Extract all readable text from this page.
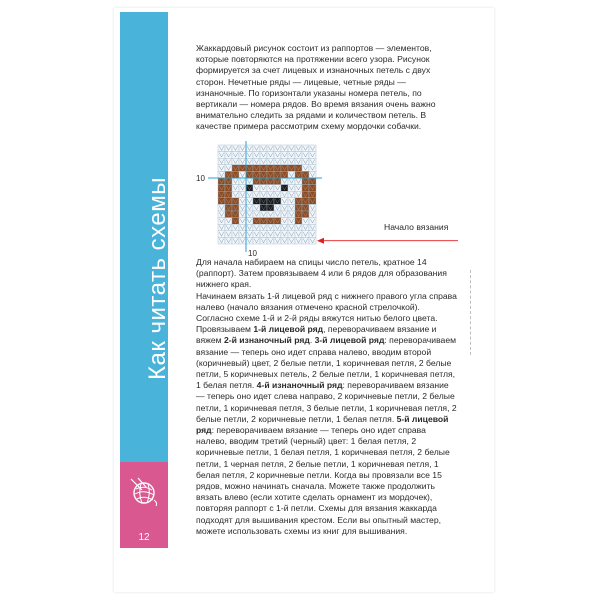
Как читать схемы
12

Жаккардовый рисунок состоит из раппортов — элементов, которые повторяются на протяжении всего узора. Рисунок формируется за счет лицевых и изнаночных петель с двух сторон. Нечетные ряды — лицевые, четные ряды — изнаночные. По горизонтали указаны номера петель, по вертикали — номера рядов. Во время вязания очень важно внимательно следить за рядами и количеством петель. В качестве примера рассмотрим схему мордочки собачки.

10
10
Начало вязания

Для начала набираем на спицы число петель, кратное 14 (раппорт). Затем провязываем 4 или 6 рядов для образования нижнего края.

Начинаем вязать 1-й лицевой ряд с нижнего правого угла справа налево (начало вязания отмечено красной стрелочкой). Согласно схеме 1-й и 2-й ряды вяжутся нитью белого цвета. Провязываем 1-й лицевой ряд, переворачиваем вязание и вяжем 2-й изнаночный ряд. 3-й лицевой ряд: переворачиваем вязание — теперь оно идет справа налево, вводим второй (коричневый) цвет, 2 белые петли, 1 коричневая петля, 2 белые петли, 5 коричневых петель, 2 белые петли, 1 коричневая петля, 1 белая петля. 4-й изнаночный ряд: переворачиваем вязание — теперь оно идет слева направо, 2 коричневые петли, 2 белые петли, 1 коричневая петля, 3 белые петли, 1 коричневая петля, 2 белые петли, 2 коричневые петли, 1 белая петля. 5-й лицевой ряд: переворачиваем вязание — теперь оно идет справа налево, вводим третий (черный) цвет: 1 белая петля, 2 коричневые петли, 1 белая петля, 1 коричневая петля, 2 белые петли, 1 черная петля, 2 белые петли, 1 коричневая петля, 1 белая петля, 2 коричневые петли. Когда вы провязали все 15 рядов, можно начинать сначала. Можете также продолжить вязать влево (если хотите сделать орнамент из мордочек), повторяя раппорт с 1-й петли. Схемы для вязания жаккарда подходят для вышивания крестом. Если вы опытный мастер, можете использовать схемы из книг для вышивания.
